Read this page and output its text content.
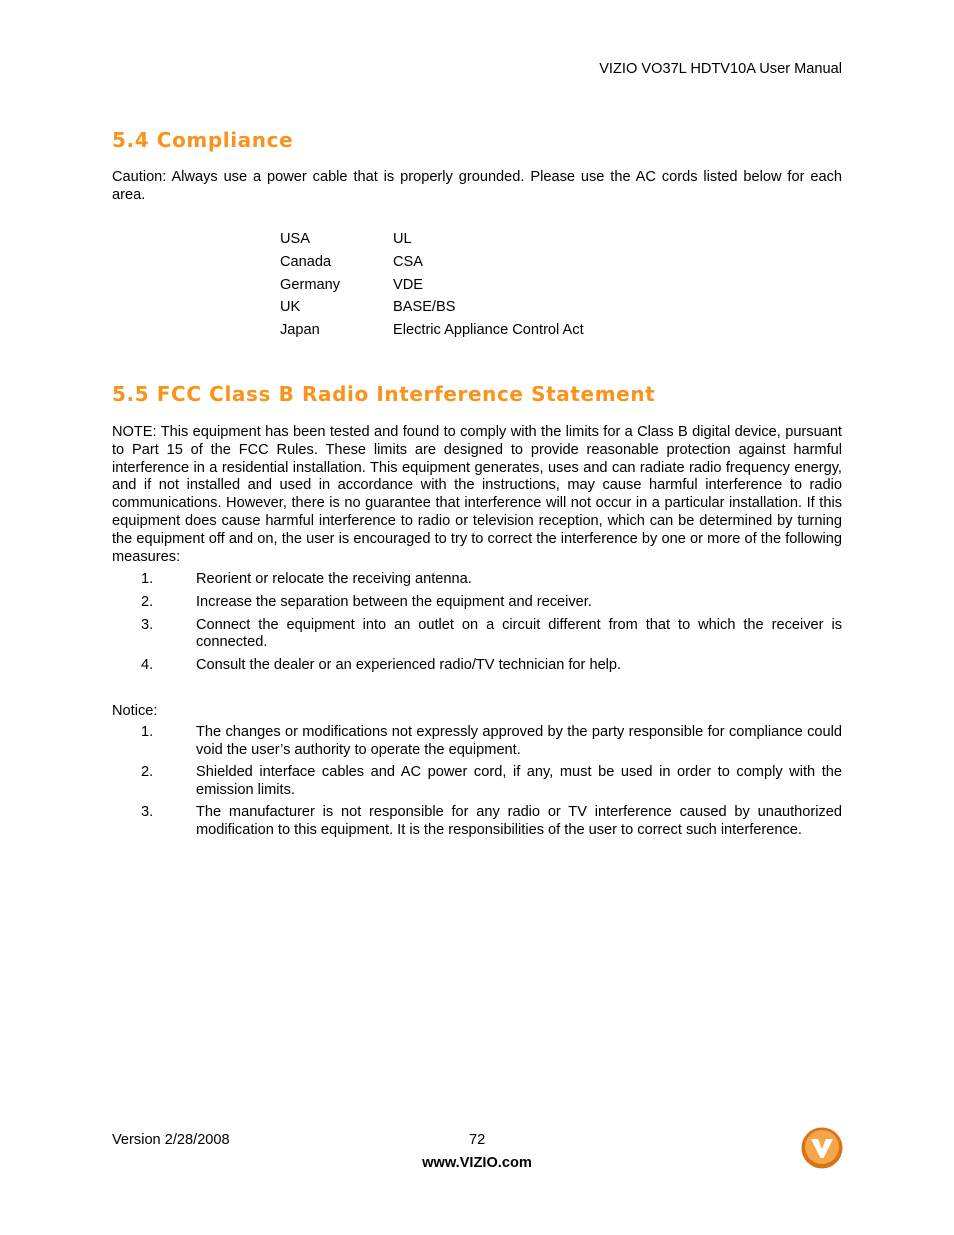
VIZIO VO37L HDTV10A User Manual
5.4 Compliance

Caution: Always use a power cable that is properly grounded. Please use the AC cords listed below for each area.

USA	UL
Canada	CSA
Germany	VDE
UK	BASE/BS
Japan	Electric Appliance Control Act
5.5 FCC Class B Radio Interference Statement

NOTE: This equipment has been tested and found to comply with the limits for a Class B digital device, pursuant to Part 15 of the FCC Rules. These limits are designed to provide reasonable protection against harmful interference in a residential installation. This equipment generates, uses and can radiate radio frequency energy, and if not installed and used in accordance with the instructions, may cause harmful interference to radio communications. However, there is no guarantee that interference will not occur in a particular installation. If this equipment does cause harmful interference to radio or television reception, which can be determined by turning the equipment off and on, the user is encouraged to try to correct the interference by one or more of the following measures:

1.	Reorient or relocate the receiving antenna.
2.	Increase the separation between the equipment and receiver.
3.	Connect the equipment into an outlet on a circuit different from that to which the receiver is connected.
4.	Consult the dealer or an experienced radio/TV technician for help.
Notice:
1.	The changes or modifications not expressly approved by the party responsible for compliance could void the user’s authority to operate the equipment.
2.	Shielded interface cables and AC power cord, if any, must be used in order to comply with the emission limits.
3.	The manufacturer is not responsible for any radio or TV interference caused by unauthorized modification to this equipment. It is the responsibilities of the user to correct such interference.
Version 2/28/2008	72
www.VIZIO.com
